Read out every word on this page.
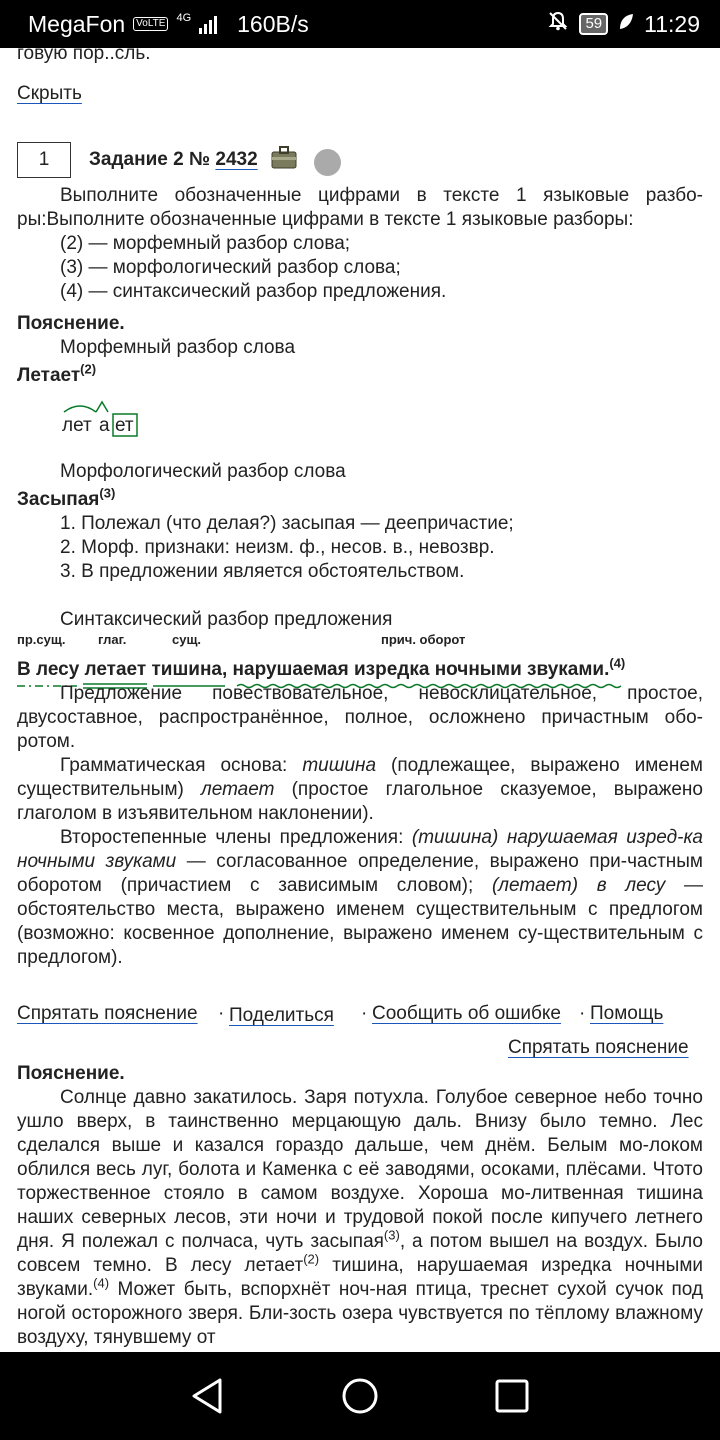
MegaFon	VoLTE 4G 160B/s	59 11:29
говую пор..сль.
Скрыть
1	Задание 2 № 2432
Выполните обозначенные цифрами в тексте 1 языковые разбо-ры:Выполните обозначенные цифрами в тексте 1 языковые разборы:
(2) — морфемный разбор слова;
(3) — морфологический разбор слова;
(4) — синтаксический разбор предложения.
Пояснение.
Морфемный разбор слова
Летает$^{(2)}$
лет а ет
Морфологический разбор слова
Засыпая$^{(3)}$
1. Полежал (что делая?) засыпая — деепричастие;
2. Морф. признаки: неизм. ф., несов. в., невозвр.
3. В предложении является обстоятельством.
Синтаксический разбор предложения
пр.сущ.	глаг.	сущ.	прич. оборот
В лесу летает тишина, нарушаемая изредка ночными звуками.$^{(4)}$
Предложение повествовательное, невосклицательное, простое, двусоставное, распространённое, полное, осложнено причастным обо-ротом.
Грамматическая основа: тишина (подлежащее, выражено именем существительным) летает (простое глагольное сказуемое, выражено глаголом в изъявительном наклонении).
Второстепенные члены предложения: (тишина) нарушаемая изред-ка ночными звуками — согласованное определение, выражено при-частным оборотом (причастием с зависимым словом); (летает) в лесу — обстоятельство места, выражено именем существительным с предлогом (возможно: косвенное дополнение, выражено именем су-ществительным с предлогом).
Спрятать пояснение · Поделиться · Сообщить об ошибке · Помощь
Спрятать пояснение
Пояснение.
Солнце давно закатилось. Заря потухла. Голубое северное небо точно ушло вверх, в таинственно мерцающую даль. Внизу было темно. Лес сделался выше и казался гораздо дальше, чем днём. Белым мо-локом облился весь луг, болота и Каменка с её заводями, осоками, плёсами. Чтото торжественное стояло в самом воздухе. Хороша мо-литвенная тишина наших северных лесов, эти ночи и трудовой покой после кипучего летнего дня. Я полежал с полчаса, чуть засыпая$^{(3)}$, а потом вышел на воздух. Было совсем темно. В лесу летает$^{(2)}$ тишина, нарушаемая изредка ночными звуками.$^{(4)}$ Может быть, вспорхнёт ноч-ная птица, треснет сухой сучок под ногой осторожного зверя. Бли-зость озера чувствуется по тёплому влажному воздуху, тянувшему от
